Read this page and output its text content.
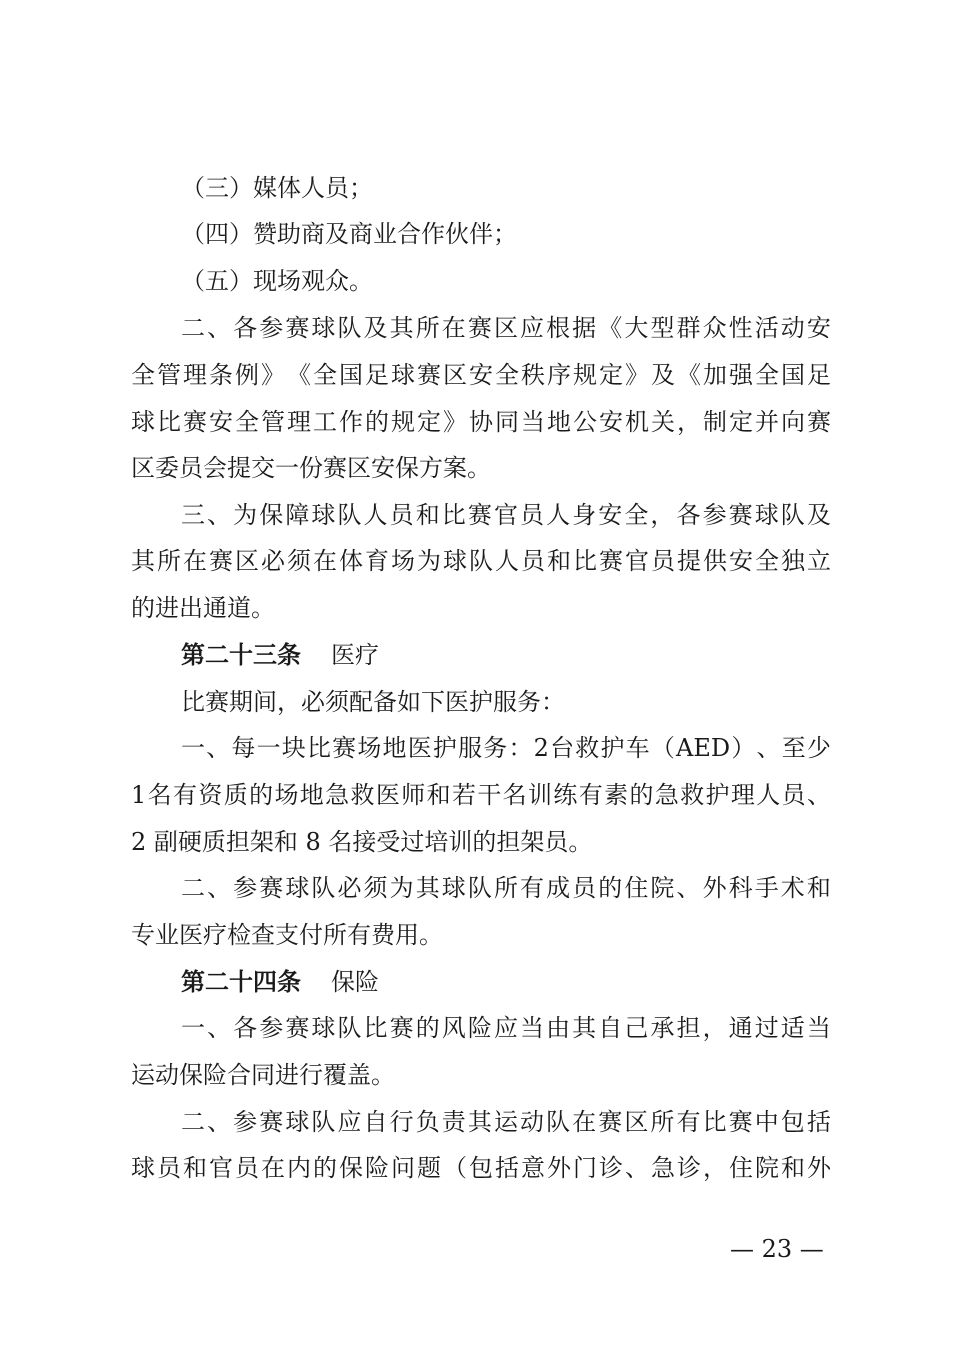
（三）媒体人员；
（四）赞助商及商业合作伙伴；
（五）现场观众。
二 、 各 参 赛 球 队 及 其 所 在 赛 区 应 根 据 《 大 型 群 众 性 活 动 安
全 管 理 条 例 》 《 全 国 足 球 赛 区 安 全 秩 序 规 定 》 及 《 加 强 全 国 足
球 比 赛 安 全 管 理 工 作 的 规 定 》 协 同 当 地 公 安 机 关 ， 制 定 并 向 赛
区委员会提交一份赛区安保方案。
三 、 为 保 障 球 队 人 员 和 比 赛 官 员 人 身 安 全 ， 各 参 赛 球 队 及
其 所 在 赛 区 必 须 在 体 育 场 为 球 队 人 员 和 比 赛 官 员 提 供 安 全 独 立
的进出通道。
第二十三条 医疗
比赛期间，必须配备如下医护服务：
一 、 每 一 块 比 赛 场 地 医 护 服 务 ： 2 台 救 护 车 （ AED ） 、 至 少
1 名 有 资 质 的 场 地 急 救 医 师 和 若 干 名 训 练 有 素 的 急 救 护 理 人 员 、
2 副硬质担架和 8 名接受过培训的担架员。
二 、 参 赛 球 队 必 须 为 其 球 队 所 有 成 员 的 住 院 、 外 科 手 术 和
专业医疗检查支付所有费用。
第二十四条 保险
一 、 各 参 赛 球 队 比 赛 的 风 险 应 当 由 其 自 己 承 担 ， 通 过 适 当
运动保险合同进行覆盖。
二 、 参 赛 球 队 应 自 行 负 责 其 运 动 队 在 赛 区 所 有 比 赛 中 包 括
球 员 和 官 员 在 内 的 保 险 问 题 （ 包 括 意 外 门 诊 、 急 诊 ， 住 院 和 外
— 23 —
